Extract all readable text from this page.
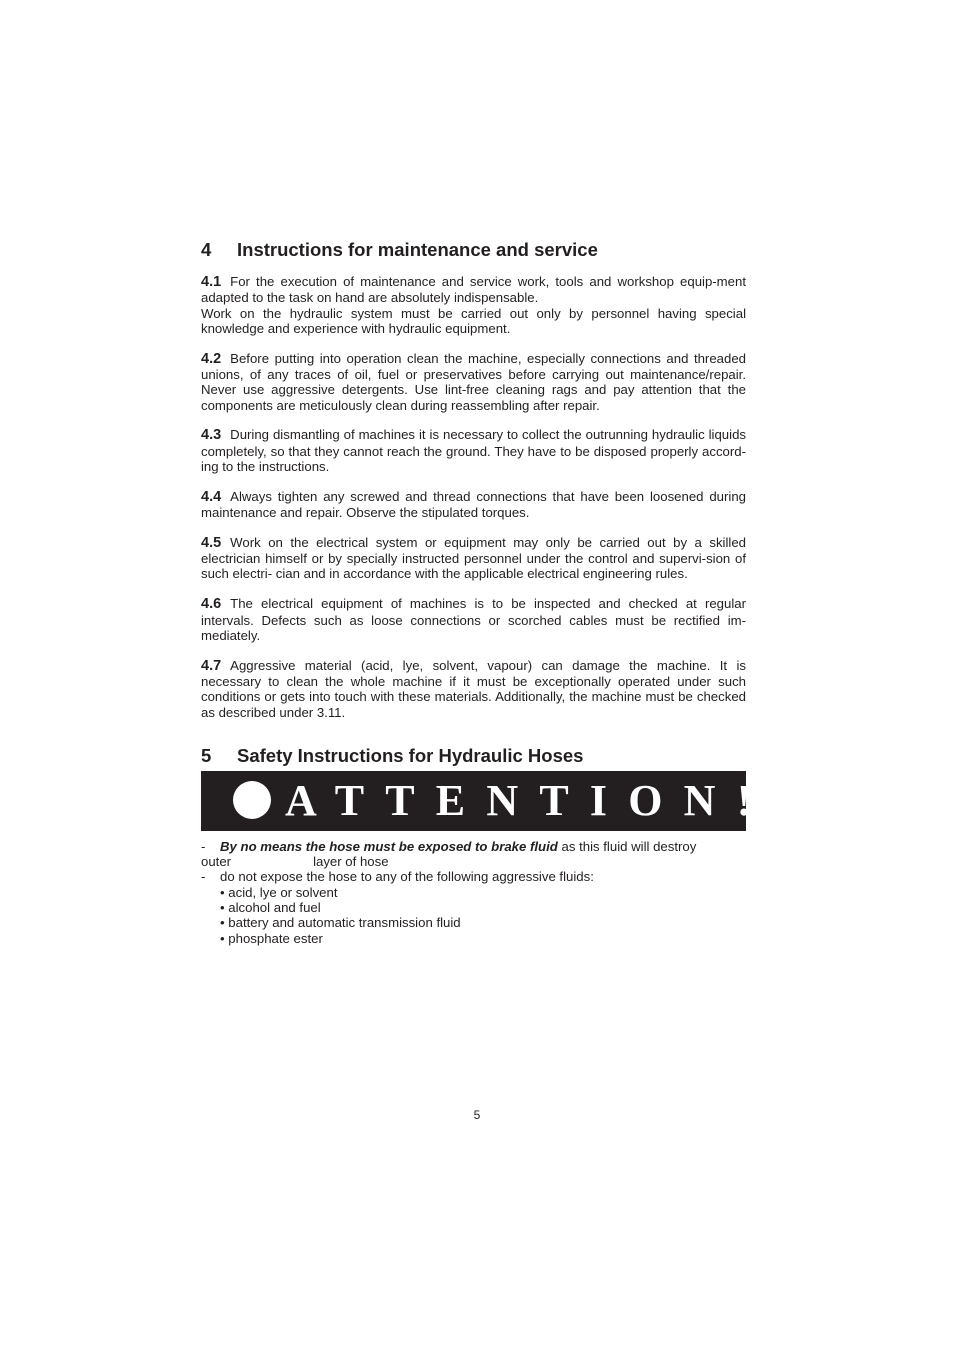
4	Instructions for maintenance and service

4.1 For the execution of maintenance and service work, tools and workshop equip-ment adapted to the task on hand are absolutely indispensable.
Work on the hydraulic system must be carried out only by personnel having special knowledge and experience with hydraulic equipment.

4.2 Before putting into operation clean the machine, especially connections and threaded unions, of any traces of oil, fuel or preservatives before carrying out maintenance/repair. Never use aggressive detergents. Use lint-free cleaning rags and pay attention that the components are meticulously clean during reassembling after repair.

4.3 During dismantling of machines it is necessary to collect the outrunning hydraulic liquids completely, so that they cannot reach the ground. They have to be disposed properly accord-ing to the instructions.

4.4 Always tighten any screwed and thread connections that have been loosened during maintenance and repair. Observe the stipulated torques.

4.5 Work on the electrical system or equipment may only be carried out by a skilled electrician himself or by specially instructed personnel under the control and supervi-sion of such electri- cian and in accordance with the applicable electrical engineering rules.

4.6 The electrical equipment of machines is to be inspected and checked at regular intervals. Defects such as loose connections or scorched cables must be rectified im-mediately.

4.7 Aggressive material (acid, lye, solvent, vapour) can damage the machine. It is necessary to clean the whole machine if it must be exceptionally operated under such conditions or gets into touch with these materials. Additionally, the machine must be checked as described under 3.11.

5	Safety Instructions for Hydraulic Hoses
ATTENTION!
- By no means the hose must be exposed to brake fluid as this fluid will destroy
outer	layer of hose
- do not expose the hose to any of the following aggressive fluids:
• acid, lye or solvent
• alcohol and fuel
• battery and automatic transmission fluid
• phosphate ester
5
